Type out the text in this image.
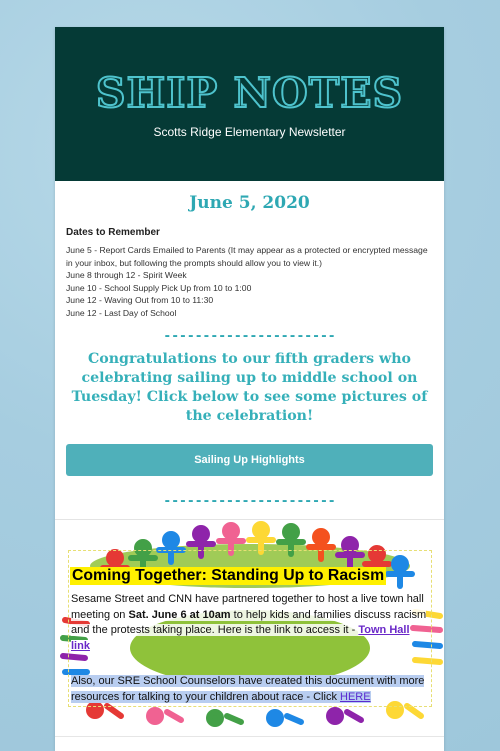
SHIP NOTES
Scotts Ridge Elementary Newsletter
June 5, 2020
Dates to Remember
June 5 - Report Cards Emailed to Parents (It may appear as a protected or encrypted message in your inbox, but following the prompts should allow you to view it.)
June 8 through 12 - Spirit Week
June 10 - School Supply Pick Up from 10 to 1:00
June 12 - Waving Out from 10 to 11:30
June 12 - Last Day of School
----------------------
Congratulations to our fifth graders who celebrating sailing up to middle school on Tuesday! Click below to see some pictures of the celebration!
Sailing Up Highlights
----------------------
Coming Together: Standing Up to Racism
Sesame Street and CNN have partnered together to host a live town hall meeting on Sat. June 6 at 10am to help kids and families discuss racism and the protests taking place. Here is the link to access it - Town Hall link
Also, our SRE School Counselors have created this document with more resources for talking to your children about race - Click HERE
